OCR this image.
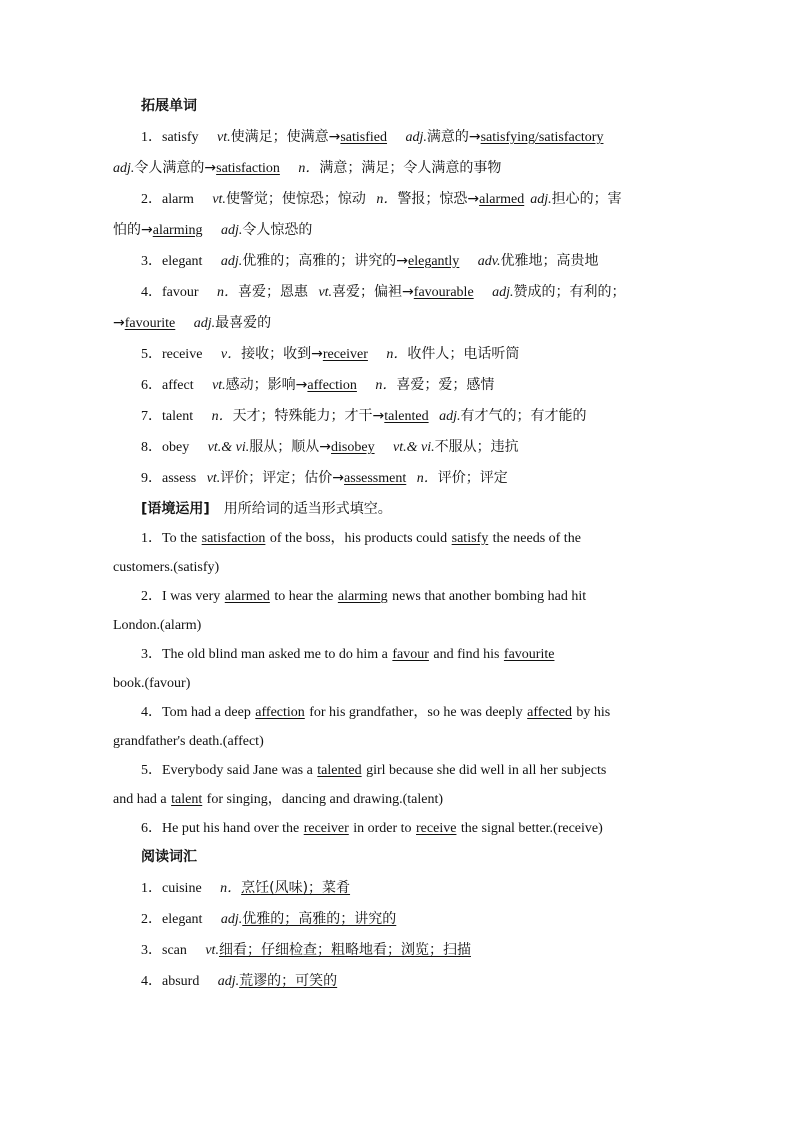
拓展单词
1．satisfy vt.使满足；使满意→satisfied adj.满意的→satisfying/satisfactory
adj.令人满意的→satisfaction n．满意；满足；令人满意的事物
2．alarm vt.使警觉；使惊恐；惊动 n．警报；惊恐→alarmed adj.担心的；害
怕的→alarming adj.令人惊恐的
3．elegant adj.优雅的；高雅的；讲究的→elegantly adv.优雅地；高贵地
4．favour n．喜爱；恩惠 vt.喜爱；偏袒→favourable adj.赞成的；有利的；
→favourite adj.最喜爱的
5．receive v．接收；收到→receiver n．收件人；电话听筒
6．affect vt.感动；影响→affection n．喜爱；爱；感情
7．talent n．天才；特殊能力；才干→talented adj.有才气的；有才能的
8．obey vt.& vi.服从；顺从→disobey vt.& vi.不服从；违抗
9．assess vt.评价；评定；估价→assessment n．评价；评定
[语境运用] 用所给词的适当形式填空。
1．To the satisfaction of the boss，his products could satisfy the needs of the
customers.(satisfy)
2．I was very alarmed to hear the alarming news that another bombing had hit
London.(alarm)
3．The old blind man asked me to do him a favour and find his favourite
book.(favour)
4．Tom had a deep affection for his grandfather，so he was deeply affected by his
grandfather's death.(affect)
5．Everybody said Jane was a talented girl because she did well in all her subjects
and had a talent for singing，dancing and drawing.(talent)
6．He put his hand over the receiver in order to receive the signal better.(receive)
阅读词汇
1．cuisine n．烹饪(风味)；菜肴
2．elegant adj.优雅的；高雅的；讲究的
3．scan vt.细看；仔细检查；粗略地看；浏览；扫描
4．absurd adj.荒谬的；可笑的
